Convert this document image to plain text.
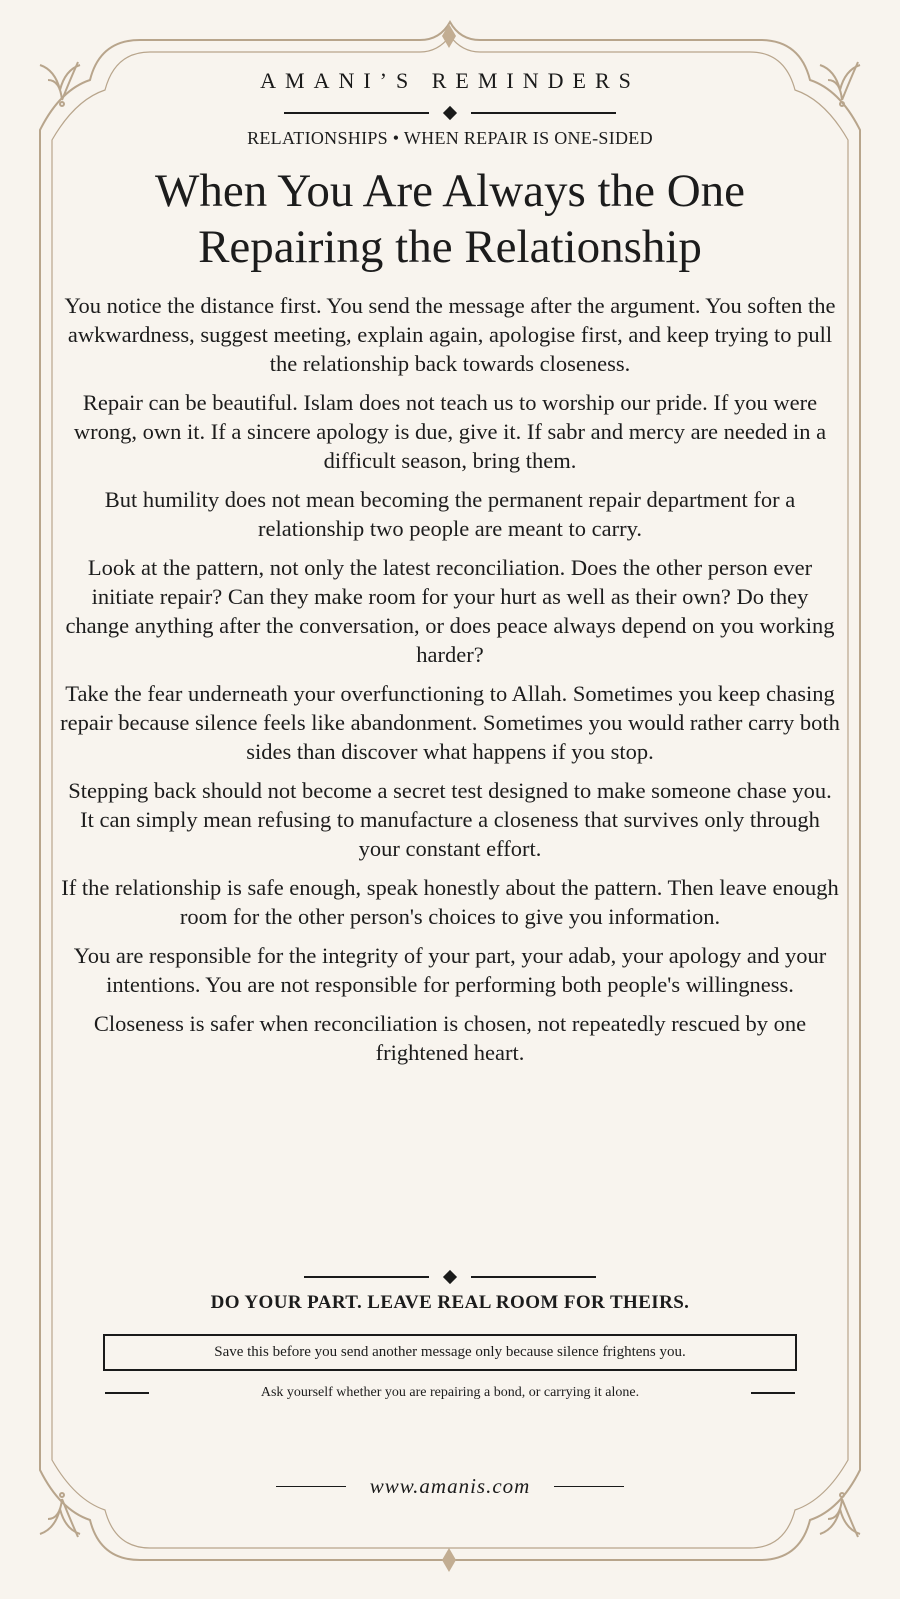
AMANI’S REMINDERS
RELATIONSHIPS • WHEN REPAIR IS ONE-SIDED
When You Are Always the One
Repairing the Relationship

You notice the distance first. You send the message after the argument. You soften the awkwardness, suggest meeting, explain again, apologise first, and keep trying to pull the relationship back towards closeness.

Repair can be beautiful. Islam does not teach us to worship our pride. If you were wrong, own it. If a sincere apology is due, give it. If sabr and mercy are needed in a difficult season, bring them.

But humility does not mean becoming the permanent repair department for a relationship two people are meant to carry.

Look at the pattern, not only the latest reconciliation. Does the other person ever initiate repair? Can they make room for your hurt as well as their own? Do they change anything after the conversation, or does peace always depend on you working harder?

Take the fear underneath your overfunctioning to Allah. Sometimes you keep chasing repair because silence feels like abandonment. Sometimes you would rather carry both sides than discover what happens if you stop.

Stepping back should not become a secret test designed to make someone chase you. It can simply mean refusing to manufacture a closeness that survives only through your constant effort.

If the relationship is safe enough, speak honestly about the pattern. Then leave enough room for the other person's choices to give you information.

You are responsible for the integrity of your part, your adab, your apology and your intentions. You are not responsible for performing both people's willingness.

Closeness is safer when reconciliation is chosen, not repeatedly rescued by one frightened heart.

DO YOUR PART. LEAVE REAL ROOM FOR THEIRS.
Save this before you send another message only because silence frightens you.
Ask yourself whether you are repairing a bond, or carrying it alone.
www.amanis.com
